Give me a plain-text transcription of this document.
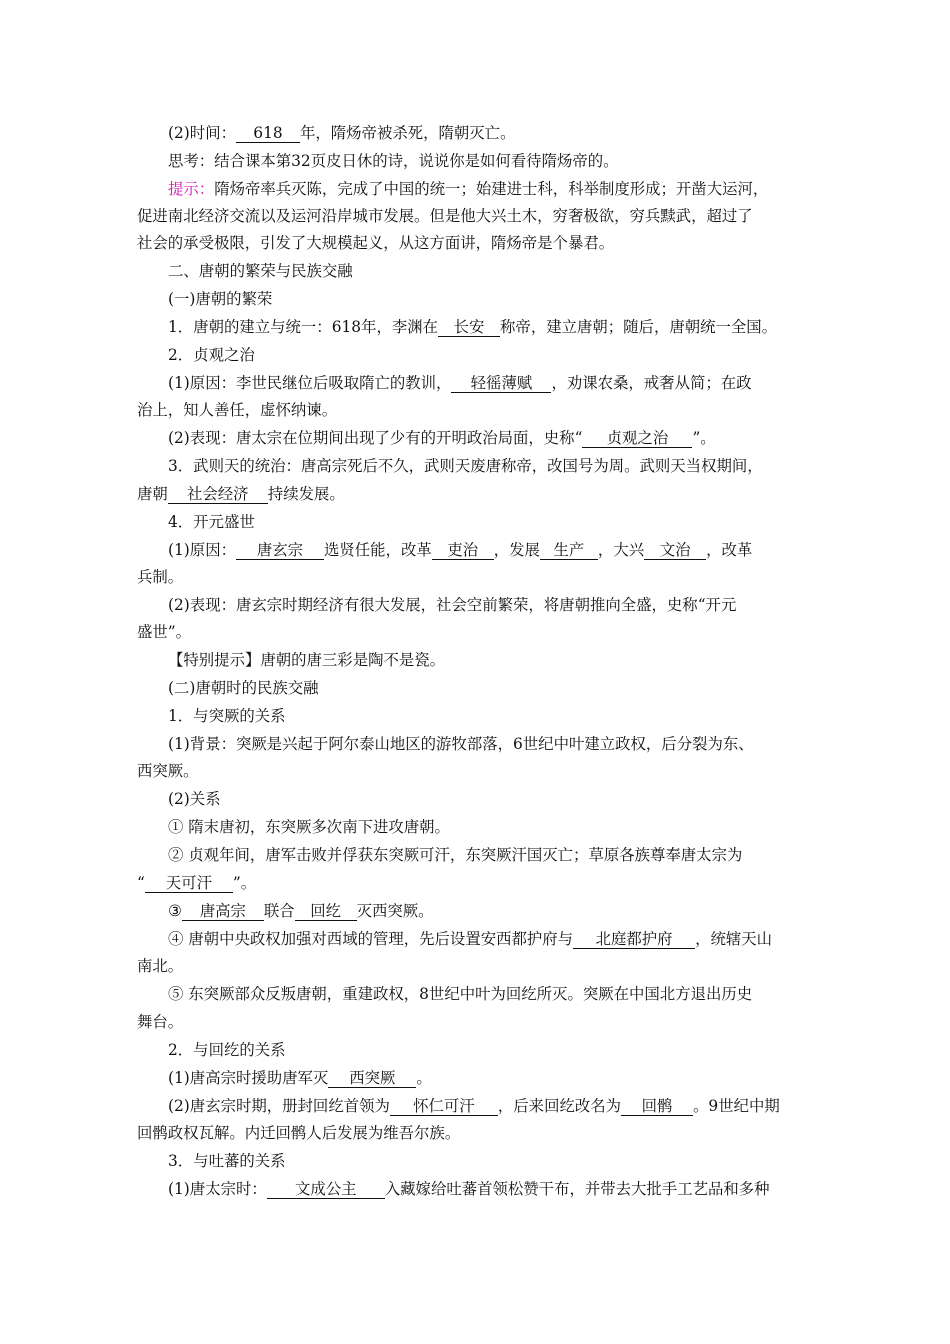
(2)时间： 618 年，隋炀帝被杀死，隋朝灭亡。
思考：结合课本第32页皮日休的诗，说说你是如何看待隋炀帝的。
提示：隋炀帝率兵灭陈，完成了中国的统一；始建进士科，科举制度形成；开凿大运河，
促进南北经济交流以及运河沿岸城市发展。但是他大兴土木，穷奢极欲，穷兵黩武，超过了
社会的承受极限，引发了大规模起义，从这方面讲，隋炀帝是个暴君。
二、唐朝的繁荣与民族交融
(一)唐朝的繁荣
1．唐朝的建立与统一：618年，李渊在 长安 称帝，建立唐朝；随后，唐朝统一全国。
2．贞观之治
(1)原因：李世民继位后吸取隋亡的教训， 轻徭薄赋 ，劝课农桑，戒奢从简；在政
治上，知人善任，虚怀纳谏。
(2)表现：唐太宗在位期间出现了少有的开明政治局面，史称“ 贞观之治 ”。
3．武则天的统治：唐高宗死后不久，武则天废唐称帝，改国号为周。武则天当权期间，
唐朝 社会经济 持续发展。
4．开元盛世
(1)原因： 唐玄宗 选贤任能，改革 吏治 ，发展 生产 ，大兴 文治 ，改革
兵制。
(2)表现：唐玄宗时期经济有很大发展，社会空前繁荣，将唐朝推向全盛，史称“开元
盛世”。
【特别提示】唐朝的唐三彩是陶不是瓷。
(二)唐朝时的民族交融
1．与突厥的关系
(1)背景：突厥是兴起于阿尔泰山地区的游牧部落，6世纪中叶建立政权，后分裂为东、
西突厥。
(2)关系
① 隋末唐初，东突厥多次南下进攻唐朝。
② 贞观年间，唐军击败并俘获东突厥可汗，东突厥汗国灭亡；草原各族尊奉唐太宗为
“ 天可汗 ”。
③ 唐高宗 联合 回纥 灭西突厥。
④ 唐朝中央政权加强对西域的管理，先后设置安西都护府与 北庭都护府 ，统辖天山
南北。
⑤ 东突厥部众反叛唐朝，重建政权，8世纪中叶为回纥所灭。突厥在中国北方退出历史
舞台。
2．与回纥的关系
(1)唐高宗时援助唐军灭 西突厥 。
(2)唐玄宗时期，册封回纥首领为 怀仁可汗 ，后来回纥改名为 回鹘 。9世纪中期
回鹘政权瓦解。内迁回鹘人后发展为维吾尔族。
3．与吐蕃的关系
(1)唐太宗时： 文成公主 入藏嫁给吐蕃首领松赞干布，并带去大批手工艺品和多种
